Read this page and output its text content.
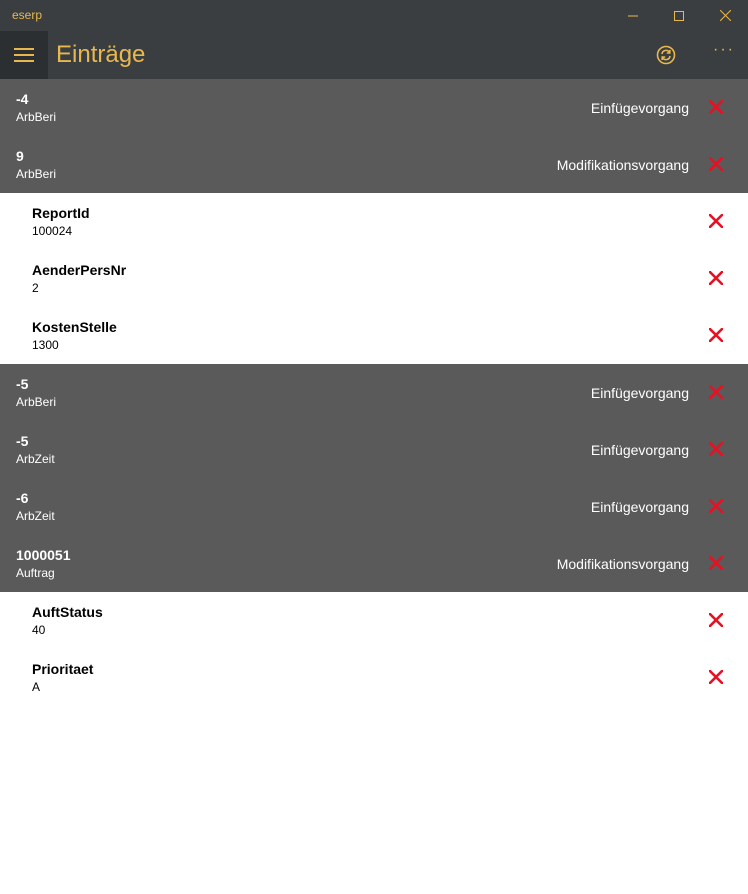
eserp
Einträge	···
-4
ArbBeri
Einfügevorgang
9
ArbBeri
Modifikationsvorgang
ReportId
100024
AenderPersNr
2
KostenStelle
1300
-5
ArbBeri
Einfügevorgang
-5
ArbZeit
Einfügevorgang
-6
ArbZeit
Einfügevorgang
1000051
Auftrag
Modifikationsvorgang
AuftStatus
40
Prioritaet
A
